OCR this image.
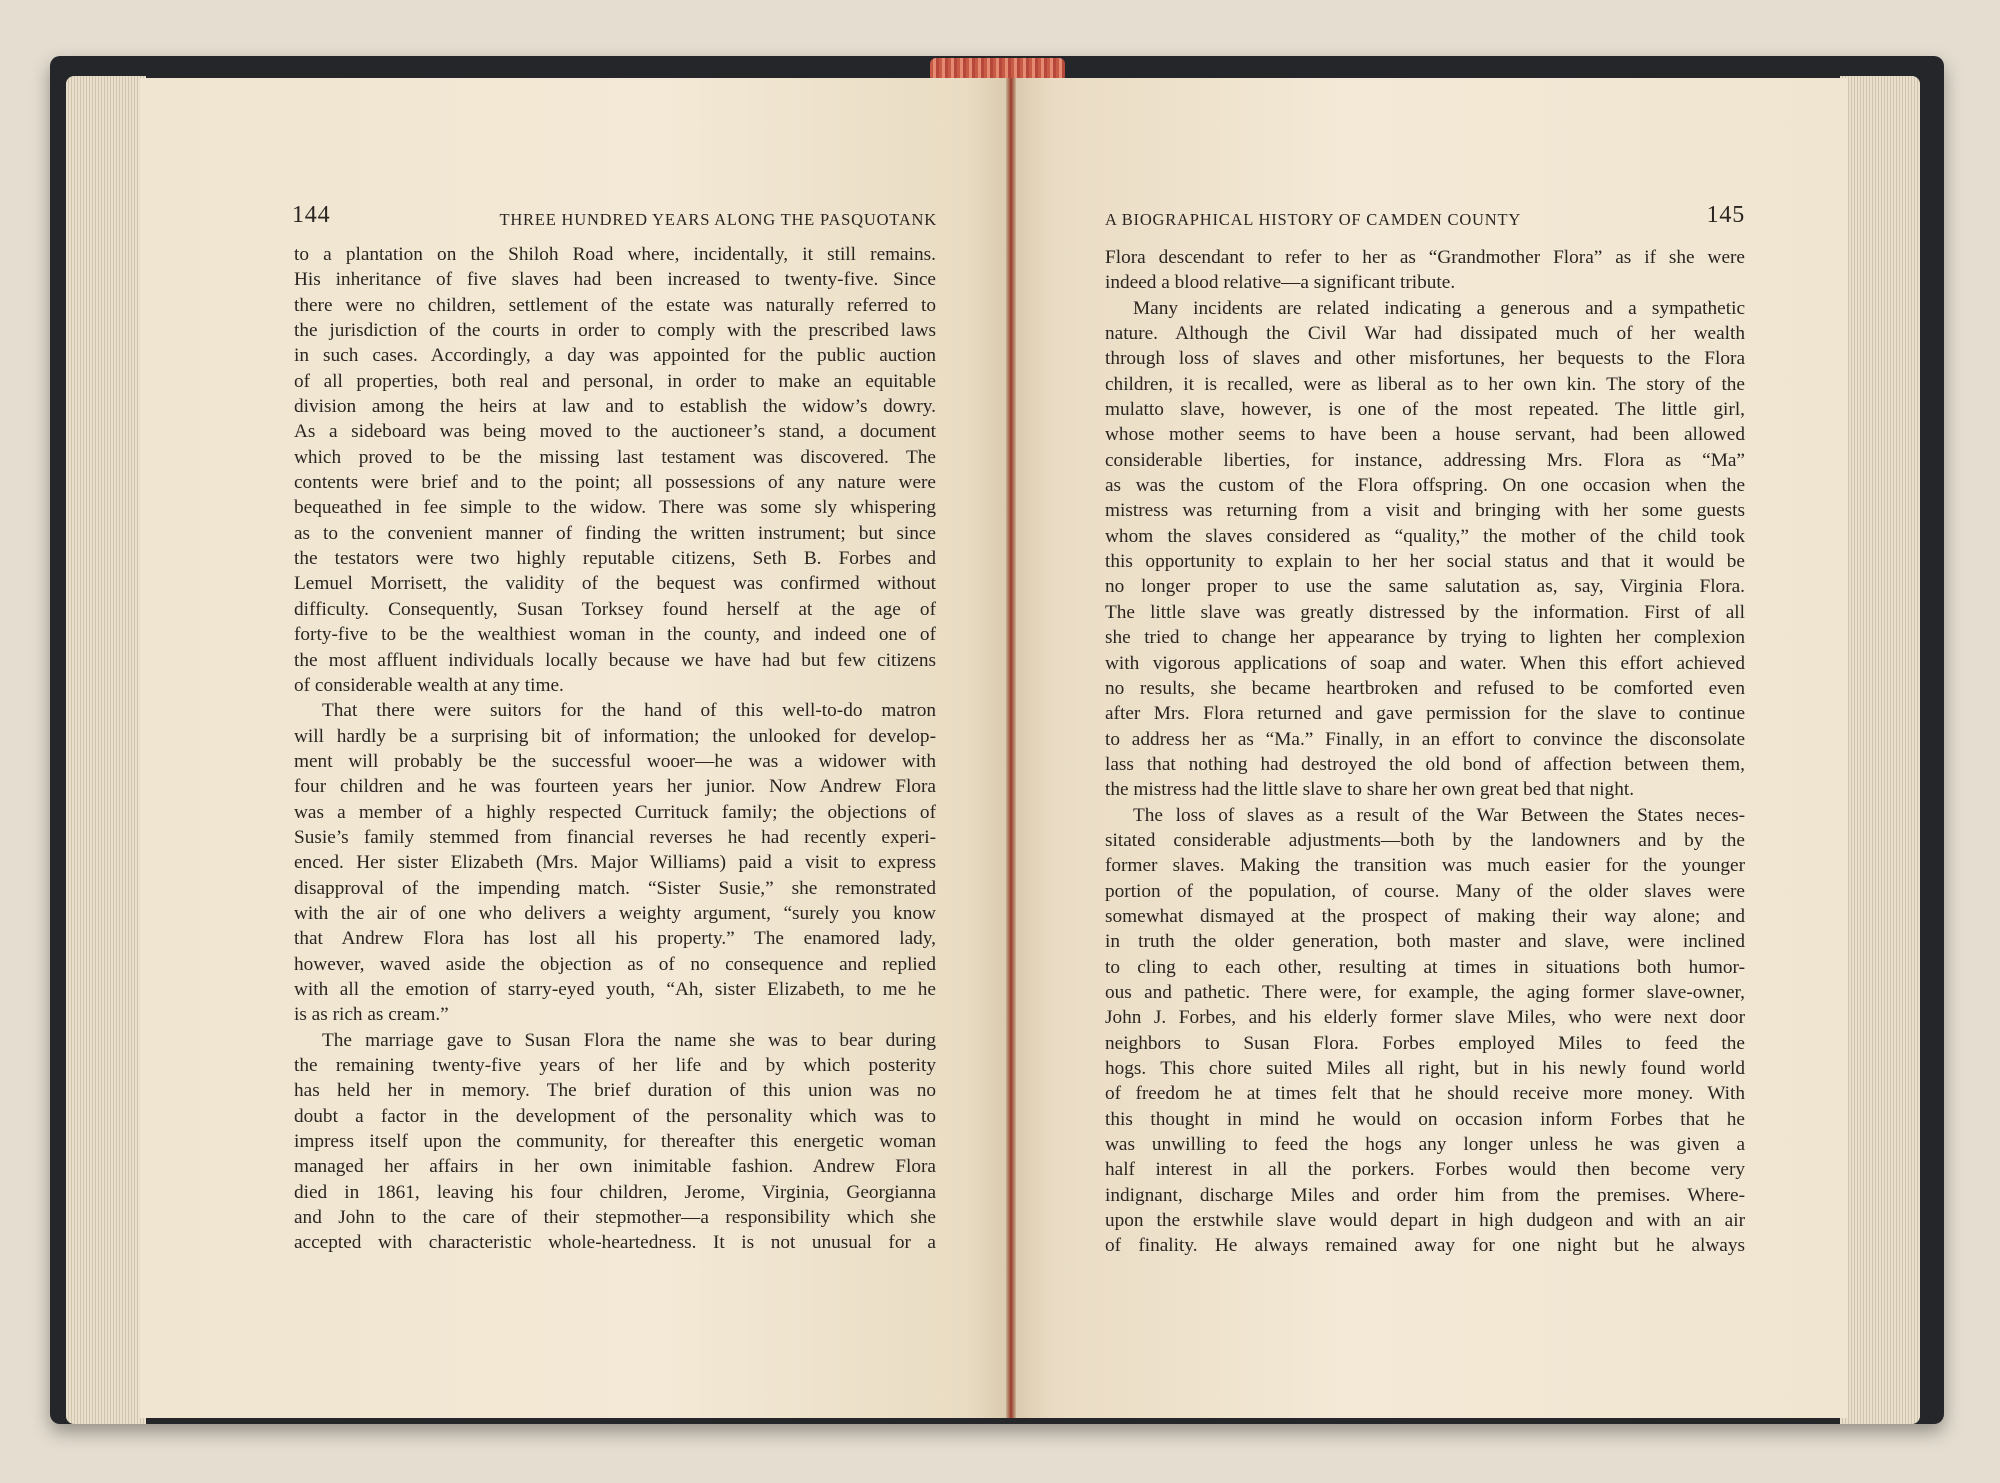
144	THREE HUNDRED YEARS ALONG THE PASQUOTANK	A BIOGRAPHICAL HISTORY OF CAMDEN COUNTY	145
to a plantation on the Shiloh Road where, incidentally, it still remains.
His inheritance of five slaves had been increased to twenty-five. Since
there were no children, settlement of the estate was naturally referred to
the jurisdiction of the courts in order to comply with the prescribed laws
in such cases. Accordingly, a day was appointed for the public auction
of all properties, both real and personal, in order to make an equitable
division among the heirs at law and to establish the widow’s dowry.
As a sideboard was being moved to the auctioneer’s stand, a document
which proved to be the missing last testament was discovered. The
contents were brief and to the point; all possessions of any nature were
bequeathed in fee simple to the widow. There was some sly whispering
as to the convenient manner of finding the written instrument; but since
the testators were two highly reputable citizens, Seth B. Forbes and
Lemuel Morrisett, the validity of the bequest was confirmed without
difficulty. Consequently, Susan Torksey found herself at the age of
forty-five to be the wealthiest woman in the county, and indeed one of
the most affluent individuals locally because we have had but few citizens
of considerable wealth at any time.
That there were suitors for the hand of this well-to-do matron
will hardly be a surprising bit of information; the unlooked for develop-
ment will probably be the successful wooer—he was a widower with
four children and he was fourteen years her junior. Now Andrew Flora
was a member of a highly respected Currituck family; the objections of
Susie’s family stemmed from financial reverses he had recently experi-
enced. Her sister Elizabeth (Mrs. Major Williams) paid a visit to express
disapproval of the impending match. “Sister Susie,” she remonstrated
with the air of one who delivers a weighty argument, “surely you know
that Andrew Flora has lost all his property.” The enamored lady,
however, waved aside the objection as of no consequence and replied
with all the emotion of starry-eyed youth, “Ah, sister Elizabeth, to me he
is as rich as cream.”
The marriage gave to Susan Flora the name she was to bear during
the remaining twenty-five years of her life and by which posterity
has held her in memory. The brief duration of this union was no
doubt a factor in the development of the personality which was to
impress itself upon the community, for thereafter this energetic woman
managed her affairs in her own inimitable fashion. Andrew Flora
died in 1861, leaving his four children, Jerome, Virginia, Georgianna
and John to the care of their stepmother—a responsibility which she
accepted with characteristic whole-heartedness. It is not unusual for a
Flora descendant to refer to her as “Grandmother Flora” as if she were
indeed a blood relative—a significant tribute.
Many incidents are related indicating a generous and a sympathetic
nature. Although the Civil War had dissipated much of her wealth
through loss of slaves and other misfortunes, her bequests to the Flora
children, it is recalled, were as liberal as to her own kin. The story of the
mulatto slave, however, is one of the most repeated. The little girl,
whose mother seems to have been a house servant, had been allowed
considerable liberties, for instance, addressing Mrs. Flora as “Ma”
as was the custom of the Flora offspring. On one occasion when the
mistress was returning from a visit and bringing with her some guests
whom the slaves considered as “quality,” the mother of the child took
this opportunity to explain to her her social status and that it would be
no longer proper to use the same salutation as, say, Virginia Flora.
The little slave was greatly distressed by the information. First of all
she tried to change her appearance by trying to lighten her complexion
with vigorous applications of soap and water. When this effort achieved
no results, she became heartbroken and refused to be comforted even
after Mrs. Flora returned and gave permission for the slave to continue
to address her as “Ma.” Finally, in an effort to convince the disconsolate
lass that nothing had destroyed the old bond of affection between them,
the mistress had the little slave to share her own great bed that night.
The loss of slaves as a result of the War Between the States neces-
sitated considerable adjustments—both by the landowners and by the
former slaves. Making the transition was much easier for the younger
portion of the population, of course. Many of the older slaves were
somewhat dismayed at the prospect of making their way alone; and
in truth the older generation, both master and slave, were inclined
to cling to each other, resulting at times in situations both humor-
ous and pathetic. There were, for example, the aging former slave-owner,
John J. Forbes, and his elderly former slave Miles, who were next door
neighbors to Susan Flora. Forbes employed Miles to feed the
hogs. This chore suited Miles all right, but in his newly found world
of freedom he at times felt that he should receive more money. With
this thought in mind he would on occasion inform Forbes that he
was unwilling to feed the hogs any longer unless he was given a
half interest in all the porkers. Forbes would then become very
indignant, discharge Miles and order him from the premises. Where-
upon the erstwhile slave would depart in high dudgeon and with an air
of finality. He always remained away for one night but he always
